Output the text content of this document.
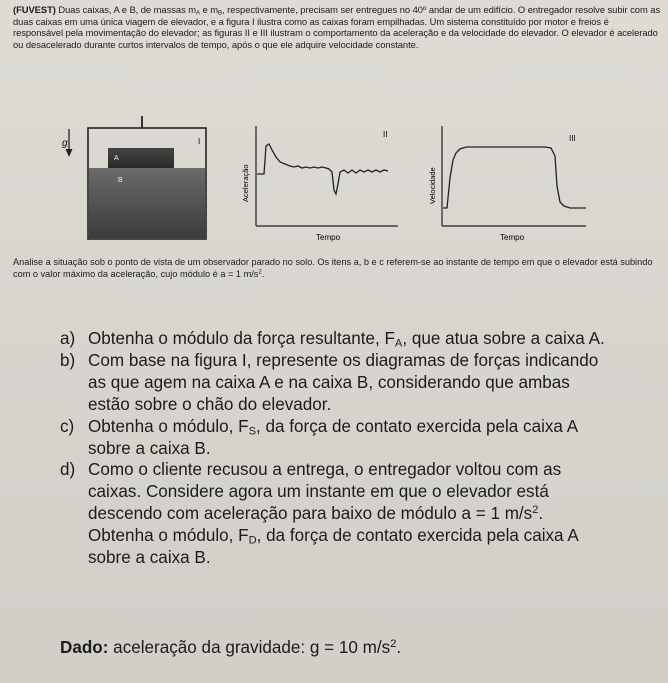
(FUVEST) Duas caixas, A e B, de massas $m_A$ e $m_B$, respectivamente, precisam ser entregues no 40º andar de um edifício. O entregador resolve subir com as duas caixas em uma única viagem de elevador, e a figura I ilustra como as caixas foram empilhadas. Um sistema constituído por motor e freios é responsável pela movimentação do elevador; as figuras II e III ilustram o comportamento da aceleração e da velocidade do elevador. O elevador é acelerado ou desacelerado durante curtos intervalos de tempo, após o que ele adquire velocidade constante.

g	I
B
A
II
Aceleração
Tempo
III
Velocidade
Tempo

Analise a situação sob o ponto de vista de um observador parado no solo. Os itens a, b e c referem-se ao instante de tempo em que o elevador está subindo com o valor máximo da aceleração, cujo módulo é a = 1 $m/s^2$.

a) Obtenha o módulo da força resultante, $F_A$, que atua sobre a caixa A.

b) Com base na figura I, represente os diagramas de forças indicando as que agem na caixa A e na caixa B, considerando que ambas estão sobre o chão do elevador.

c) Obtenha o módulo, $F_S$, da força de contato exercida pela caixa A sobre a caixa B.

d) Como o cliente recusou a entrega, o entregador voltou com as caixas. Considere agora um instante em que o elevador está descendo com aceleração para baixo de módulo a = 1 $m/s^2$. Obtenha o módulo, $F_D$, da força de contato exercida pela caixa A sobre a caixa B.

Dado: aceleração da gravidade: g = 10 $m/s^2$.
